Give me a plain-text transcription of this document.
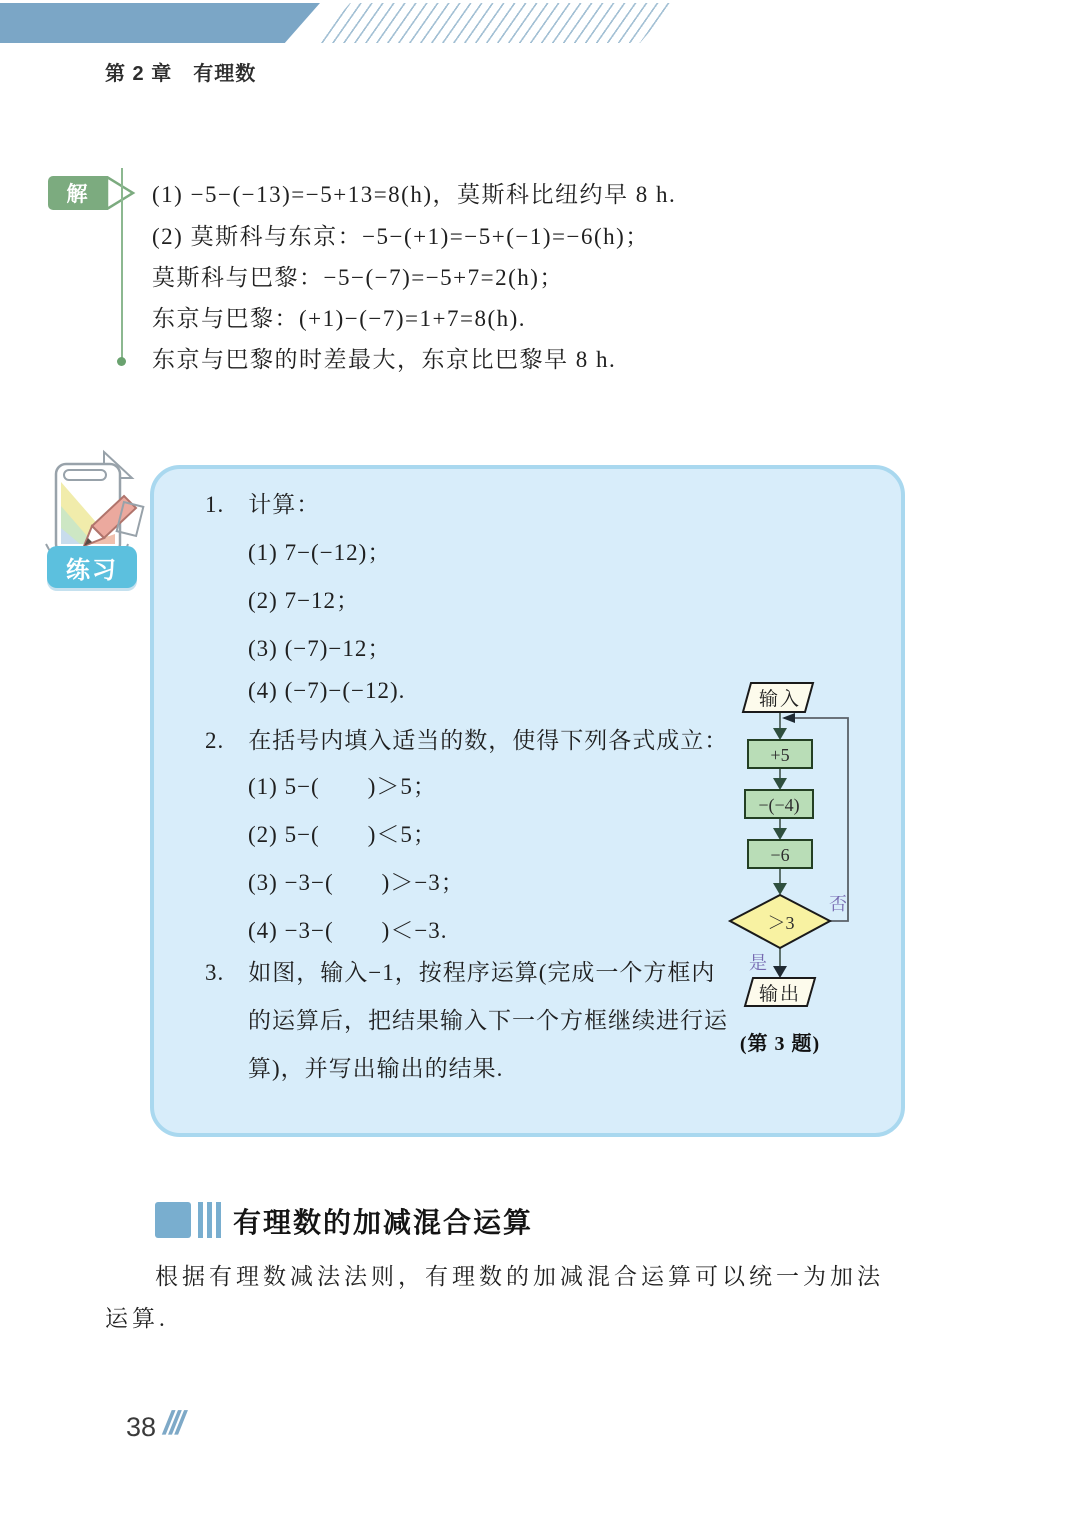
第 2 章　有理数
解	(1) −5−(−13)=−5+13=8(h)，莫斯科比纽约早 8 h.
(2) 莫斯科与东京：−5−(+1)=−5+(−1)=−6(h)；
莫斯科与巴黎：−5−(−7)=−5+7=2(h)；
东京与巴黎：(+1)−(−7)=1+7=8(h).
东京与巴黎的时差最大，东京比巴黎早 8 h.
练习
1.　计算：
(1) 7−(−12)；
(2) 7−12；
(3) (−7)−12；
(4) (−7)−(−12).
2.　在括号内填入适当的数，使得下列各式成立：
(1) 5−(　　)＞5；
(2) 5−(　　)＜5；
(3) −3−(　　)＞−3；
(4) −3−(　　)＜−3.
3.　如图，输入−1，按程序运算(完成一个方框内
的运算后，把结果输入下一个方框继续进行运
算)，并写出输出的结果.
输入
+5
−(−4)
−6
＞3
否
是
输出
(第 3 题)
有理数的加减混合运算
根据有理数减法法则，有理数的加减混合运算可以统一为加法
运算.
38 ///
